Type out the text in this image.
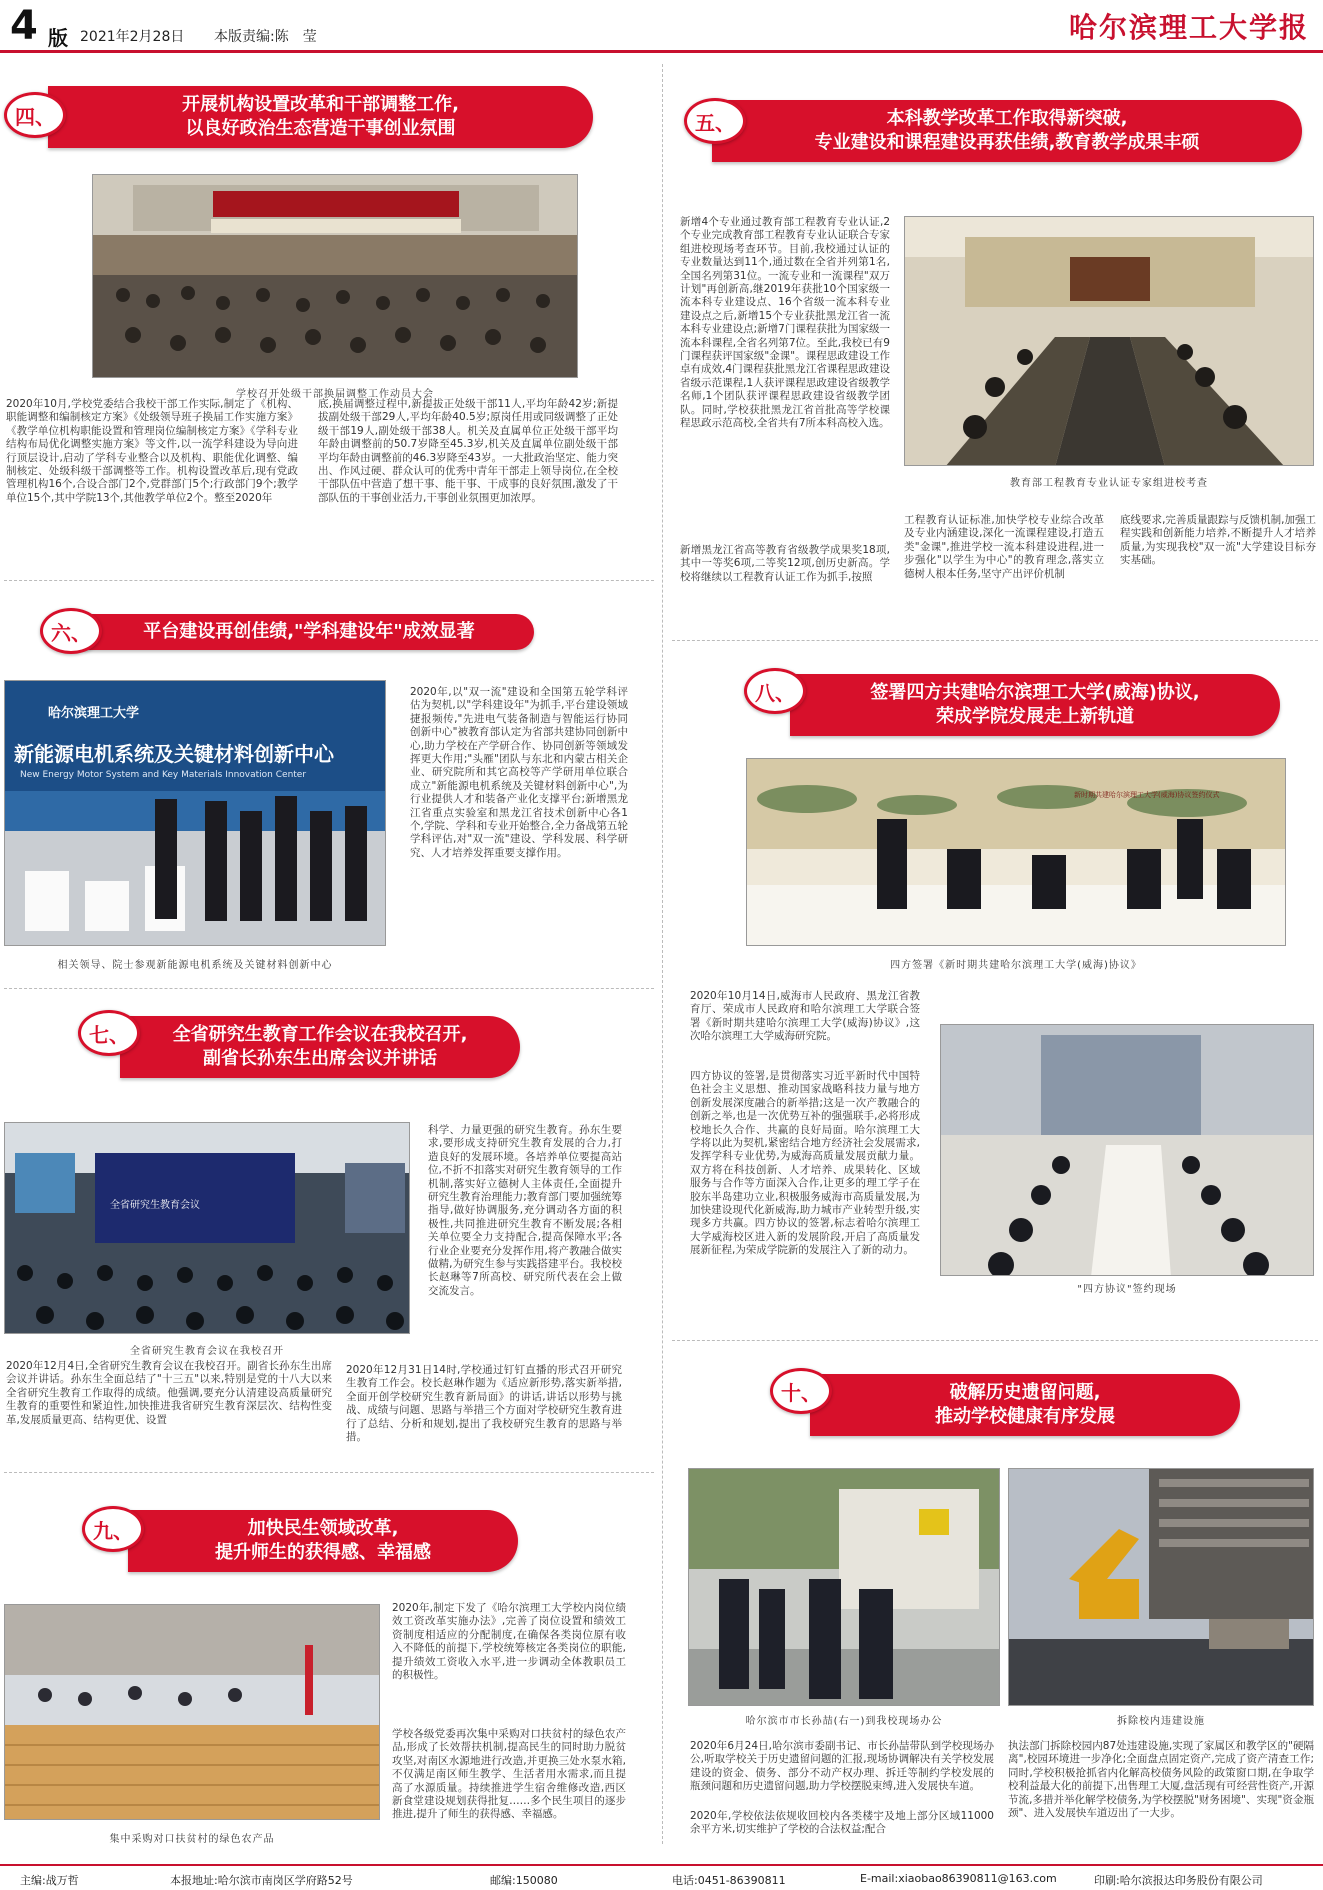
4 版 2021年2月28日 本版责编:陈　莹	哈尔滨理工大学报
开展机构设置改革和干部调整工作,
以良好政治生态营造干事创业氛围
四、
学校召开处级干部换届调整工作动员大会
2020年10月,学校党委结合我校干部工作实际,制定了《机构、职能调整和编制核定方案》《处级领导班子换届工作实施方案》《教学单位机构职能设置和管理岗位编制核定方案》《学科专业结构布局优化调整实施方案》等文件,以一流学科建设为导向进行顶层设计,启动了学科专业整合以及机构、职能优化调整、编制核定、处级科级干部调整等工作。机构设置改革后,现有党政管理机构16个,合设合部门2个,党群部门5个;行政部门9个;教学单位15个,其中学院13个,其他教学单位2个。整至2020年
底,换届调整过程中,新提拔正处级干部11人,平均年龄42岁;新提拔副处级干部29人,平均年龄40.5岁;原岗任用或同级调整了正处级干部19人,副处级干部38人。机关及直属单位正处级干部平均年龄由调整前的50.7岁降至45.3岁,机关及直属单位副处级干部平均年龄由调整前的46.3岁降至43岁。一大批政治坚定、能力突出、作风过硬、群众认可的优秀中青年干部走上领导岗位,在全校干部队伍中营造了想干事、能干事、干成事的良好氛围,激发了干部队伍的干事创业活力,干事创业氛围更加浓厚。
本科教学改革工作取得新突破,
专业建设和课程建设再获佳绩,教育教学成果丰硕
五、
新增4个专业通过教育部工程教育专业认证,2个专业完成教育部工程教育专业认证联合专家组进校现场考查环节。目前,我校通过认证的专业数量达到11个,通过数在全省并列第1名,全国名列第31位。一流专业和一流课程"双万计划"再创新高,继2019年获批10个国家级一流本科专业建设点、16个省级一流本科专业建设点之后,新增15个专业获批黑龙江省一流本科专业建设点;新增7门课程获批为国家级一流本科课程,全省名列第7位。至此,我校已有9门课程获评国家级"金课"。课程思政建设工作卓有成效,4门课程获批黑龙江省课程思政建设省级示范课程,1人获评课程思政建设省级教学名师,1个团队获评课程思政建设省级教学团队。同时,学校获批黑龙江省首批高等学校课程思政示范高校,全省共有7所本科高校入选。
教育部工程教育专业认证专家组进校考查
新增黑龙江省高等教育省级教学成果奖18项,其中一等奖6项,二等奖12项,创历史新高。学校将继续以工程教育认证工作为抓手,按照
工程教育认证标准,加快学校专业综合改革及专业内涵建设,深化一流课程建设,打造五类"金课",推进学校一流本科建设进程,进一步强化"以学生为中心"的教育理念,落实立德树人根本任务,坚守产出评价机制
底线要求,完善质量跟踪与反馈机制,加强工程实践和创新能力培养,不断提升人才培养质量,为实现我校"双一流"大学建设目标夯实基础。
平台建设再创佳绩,"学科建设年"成效显著
六、
哈尔滨理工大学
新能源电机系统及关键材料创新中心
New Energy Motor System and Key Materials Innovation Center
相关领导、院士参观新能源电机系统及关键材料创新中心
2020年,以"双一流"建设和全国第五轮学科评估为契机,以"学科建设年"为抓手,平台建设领域捷报频传,"先进电气装备制造与智能运行协同创新中心"被教育部认定为省部共建协同创新中心,助力学校在产学研合作、协同创新等领域发挥更大作用;"头雁"团队与东北和内蒙古相关企业、研究院所和其它高校等产学研用单位联合成立"新能源电机系统及关键材料创新中心",为行业提供人才和装备产业化支撑平台;新增黑龙江省重点实验室和黑龙江省技术创新中心各1个,学院、学科和专业开始整合,全力备战第五轮学科评估,对"双一流"建设、学科发展、科学研究、人才培养发挥重要支撑作用。
全省研究生教育工作会议在我校召开,
副省长孙东生出席会议并讲话
七、
全省研究生教育会议
全省研究生教育会议在我校召开
2020年12月4日,全省研究生教育会议在我校召开。副省长孙东生出席会议并讲话。孙东生全面总结了"十三五"以来,特别是党的十八大以来全省研究生教育工作取得的成绩。他强调,要充分认清建设高质量研究生教育的重要性和紧迫性,加快推进我省研究生教育深层次、结构性变革,发展质量更高、结构更优、设置
科学、力量更强的研究生教育。孙东生要求,要形成支持研究生教育发展的合力,打造良好的发展环境。各培养单位要提高站位,不折不扣落实对研究生教育领导的工作机制,落实好立德树人主体责任,全面提升研究生教育治理能力;教育部门要加强统筹指导,做好协调服务,充分调动各方面的积极性,共同推进研究生教育不断发展;各相关单位要全力支持配合,提高保障水平;各行业企业要充分发挥作用,将产教融合做实做精,为研究生参与实践搭建平台。我校校长赵琳等7所高校、研究所代表在会上做交流发言。
2020年12月31日14时,学校通过钉钉直播的形式召开研究生教育工作会。校长赵琳作题为《适应新形势,落实新举措,全面开创学校研究生教育新局面》的讲话,讲话以形势与挑战、成绩与问题、思路与举措三个方面对学校研究生教育进行了总结、分析和规划,提出了我校研究生教育的思路与举措。
签署四方共建哈尔滨理工大学(威海)协议,
荣成学院发展走上新轨道
八、
新时期共建哈尔滨理工大学(威海)协议签约仪式
四方签署《新时期共建哈尔滨理工大学(威海)协议》
2020年10月14日,威海市人民政府、黑龙江省教育厅、荣成市人民政府和哈尔滨理工大学联合签署《新时期共建哈尔滨理工大学(威海)协议》,这次哈尔滨理工大学威海研究院。
四方协议的签署,是贯彻落实习近平新时代中国特色社会主义思想、推动国家战略科技力量与地方创新发展深度融合的新举措;这是一次产教融合的创新之举,也是一次优势互补的强强联手,必将形成校地长久合作、共赢的良好局面。哈尔滨理工大学将以此为契机,紧密结合地方经济社会发展需求,发挥学科专业优势,为威海高质量发展贡献力量。双方将在科技创新、人才培养、成果转化、区域服务与合作等方面深入合作,让更多的理工学子在胶东半岛建功立业,积极服务威海市高质量发展,为加快建设现代化新威海,助力城市产业转型升级,实现多方共赢。四方协议的签署,标志着哈尔滨理工大学威海校区进入新的发展阶段,开启了高质量发展新征程,为荣成学院新的发展注入了新的动力。
"四方协议"签约现场
加快民生领域改革,
提升师生的获得感、幸福感
九、
集中采购对口扶贫村的绿色农产品
2020年,制定下发了《哈尔滨理工大学校内岗位绩效工资改革实施办法》,完善了岗位设置和绩效工资制度相适应的分配制度,在确保各类岗位原有收入不降低的前提下,学校统筹核定各类岗位的职能,提升绩效工资收入水平,进一步调动全体教职员工的积极性。
学校各级党委再次集中采购对口扶贫村的绿色农产品,形成了长效帮扶机制,提高民生的同时助力脱贫攻坚,对南区水源地进行改造,并更换三处水泵水箱,不仅满足南区师生教学、生活者用水需求,而且提高了水源质量。持续推进学生宿舍维修改造,西区新食堂建设规划获得批复……多个民生项目的逐步推进,提升了师生的获得感、幸福感。
破解历史遗留问题,
推动学校健康有序发展
十、
哈尔滨市市长孙喆(右一)到我校现场办公	拆除校内违建设施
2020年6月24日,哈尔滨市委副书记、市长孙喆带队到学校现场办公,听取学校关于历史遗留问题的汇报,现场协调解决有关学校发展建设的资金、债务、部分不动产权办理、拆迁等制约学校发展的瓶颈问题和历史遗留问题,助力学校摆脱束缚,进入发展快车道。
2020年,学校依法依规收回校内各类楼宇及地上部分区域11000余平方米,切实维护了学校的合法权益;配合
执法部门拆除校园内87处违建设施,实现了家属区和教学区的"硬隔离",校园环境进一步净化;全面盘点固定资产,完成了资产清查工作;同时,学校积极抢抓省内化解高校债务风险的政策窗口期,在争取学校利益最大化的前提下,出售理工大厦,盘活现有可经营性资产,开源节流,多措并举化解学校债务,为学校摆脱"财务困境"、实现"资金瓶颈"、进入发展快车道迈出了一大步。
主编:战万哲	本报地址:哈尔滨市南岗区学府路52号	邮编:150080	电话:0451-86390811	E-mail:xiaobao86390811@163.com	印刷:哈尔滨报达印务股份有限公司
